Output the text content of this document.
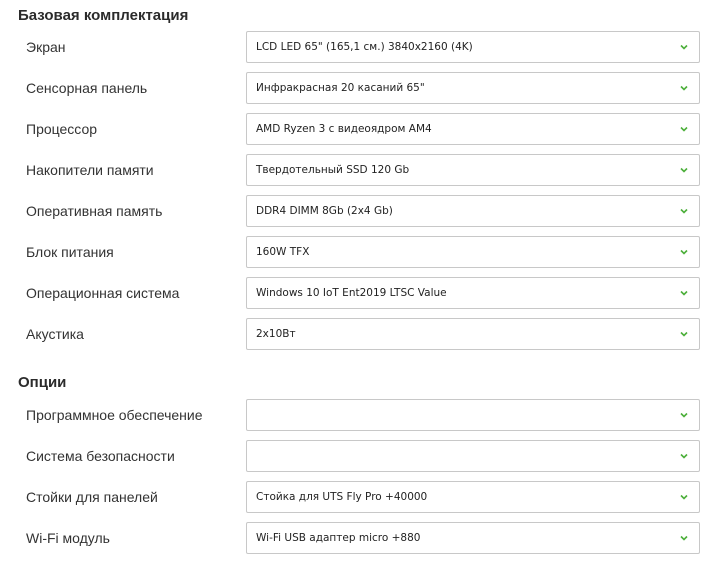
Базовая комплектация
Экран	LCD LED 65" (165,1 см.) 3840x2160 (4K)
Сенсорная панель	Инфракрасная 20 касаний 65"
Процессор	AMD Ryzen 3 с видеоядром AM4
Накопители памяти	Твердотельный SSD 120 Gb
Оперативная память	DDR4 DIMM 8Gb (2x4 Gb)
Блок питания	160W TFX
Операционная система	Windows 10 IoT Ent2019 LTSC Value
Акустика	2x10Вт
Опции
Программное обеспечение
Система безопасности
Стойки для панелей	Стойка для UTS Fly Pro +40000
Wi-Fi модуль	Wi-Fi USB адаптер micro +880
